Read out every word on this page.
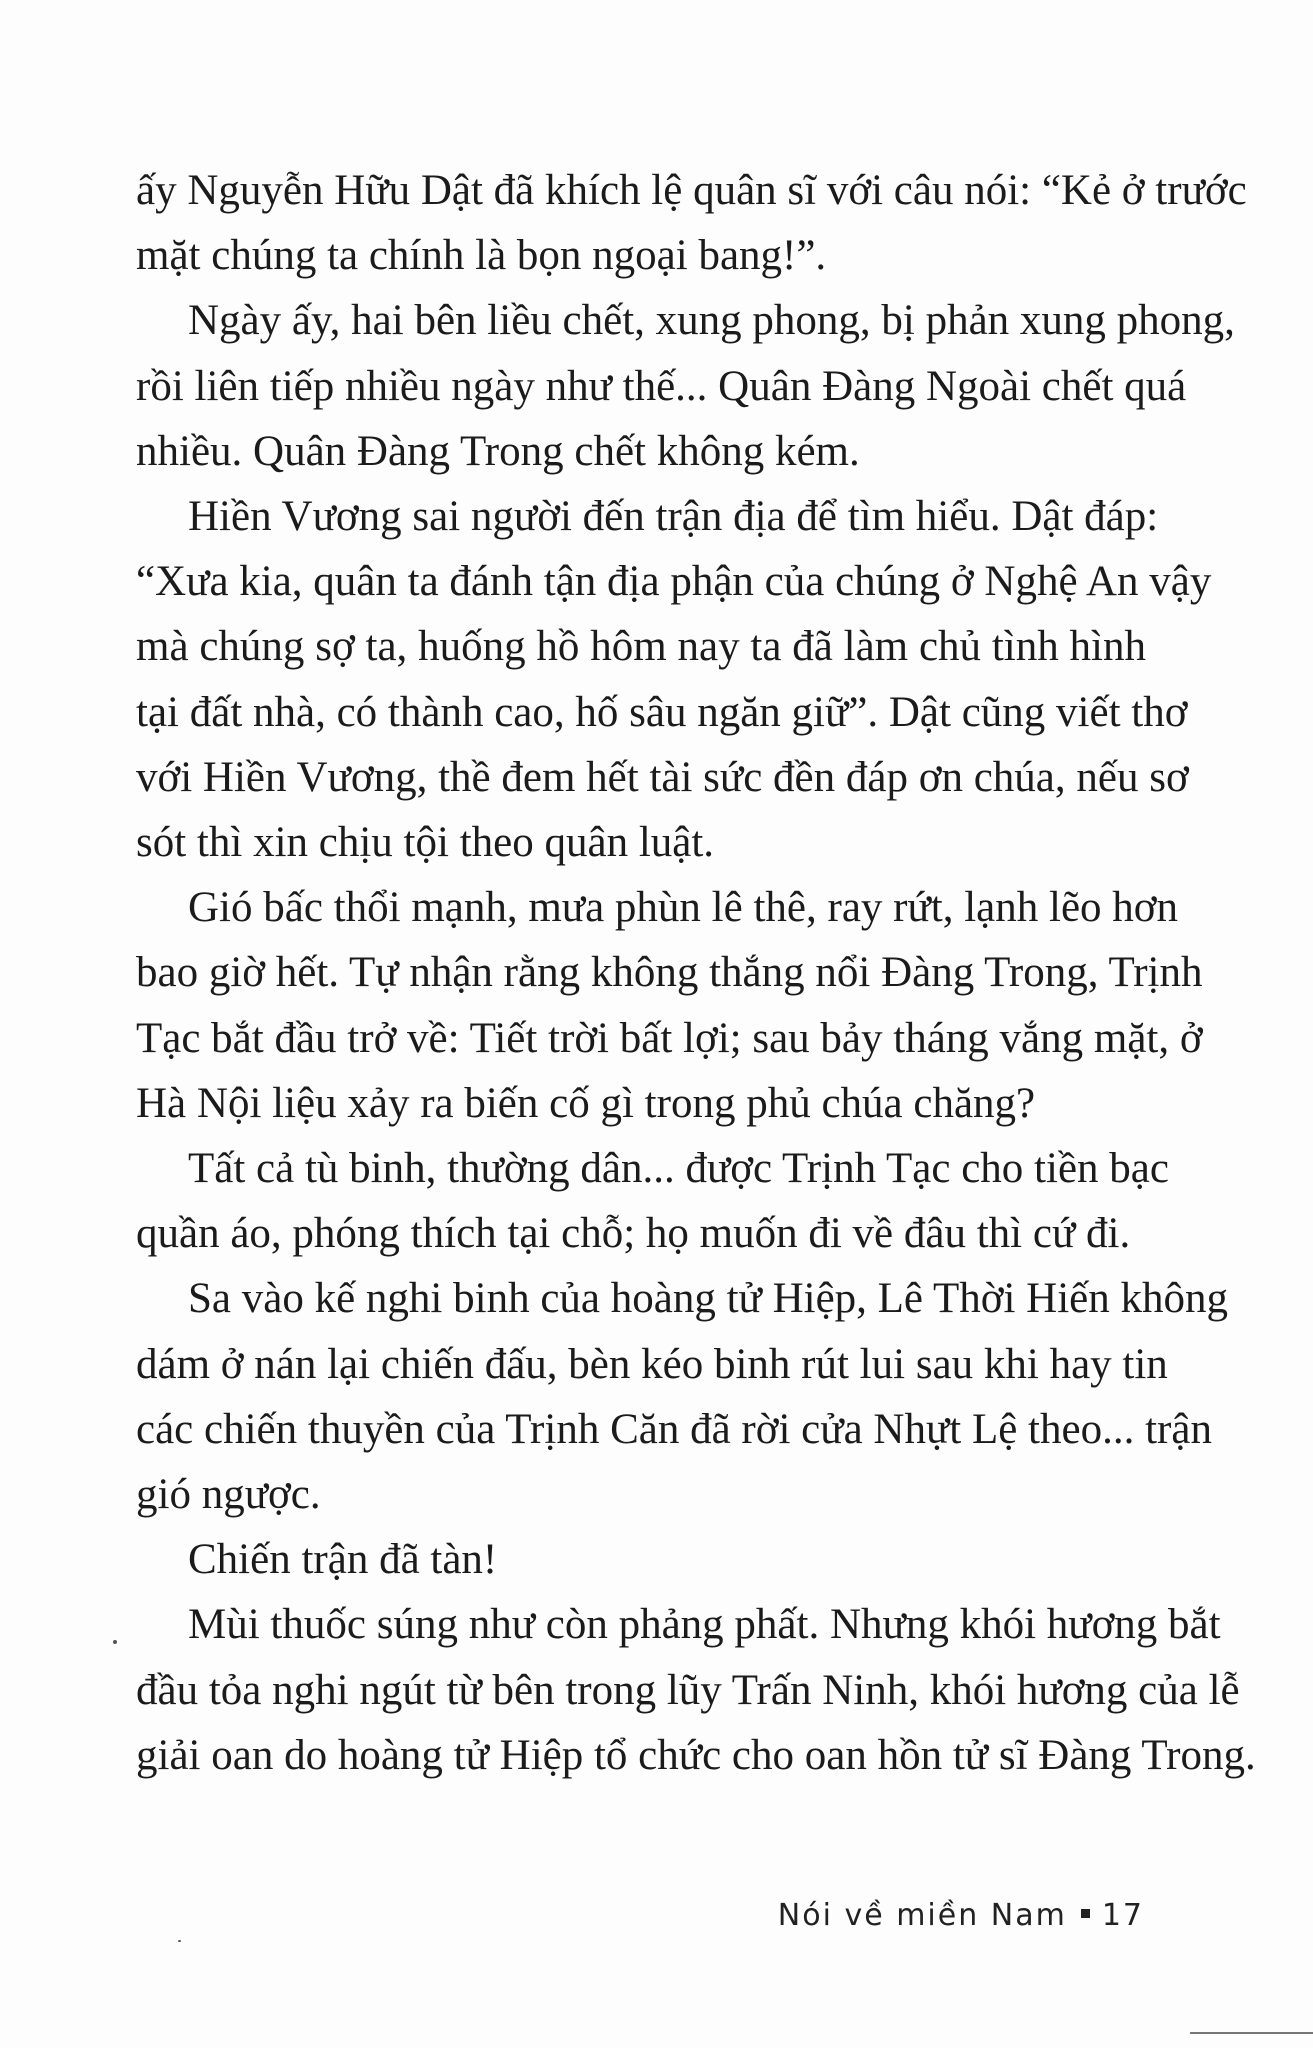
ấy Nguyễn Hữu Dật đã khích lệ quân sĩ với câu nói: “Kẻ ở trước
mặt chúng ta chính là bọn ngoại bang!”.

Ngày ấy, hai bên liều chết, xung phong, bị phản xung phong,
rồi liên tiếp nhiều ngày như thế... Quân Đàng Ngoài chết quá
nhiều. Quân Đàng Trong chết không kém.

Hiền Vương sai người đến trận địa để tìm hiểu. Dật đáp:
“Xưa kia, quân ta đánh tận địa phận của chúng ở Nghệ An vậy
mà chúng sợ ta, huống hồ hôm nay ta đã làm chủ tình hình
tại đất nhà, có thành cao, hố sâu ngăn giữ”. Dật cũng viết thơ
với Hiền Vương, thề đem hết tài sức đền đáp ơn chúa, nếu sơ
sót thì xin chịu tội theo quân luật.

Gió bấc thổi mạnh, mưa phùn lê thê, ray rứt, lạnh lẽo hơn
bao giờ hết. Tự nhận rằng không thắng nổi Đàng Trong, Trịnh
Tạc bắt đầu trở về: Tiết trời bất lợi; sau bảy tháng vắng mặt, ở
Hà Nội liệu xảy ra biến cố gì trong phủ chúa chăng?

Tất cả tù binh, thường dân... được Trịnh Tạc cho tiền bạc
quần áo, phóng thích tại chỗ; họ muốn đi về đâu thì cứ đi.

Sa vào kế nghi binh của hoàng tử Hiệp, Lê Thời Hiến không
dám ở nán lại chiến đấu, bèn kéo binh rút lui sau khi hay tin
các chiến thuyền của Trịnh Căn đã rời cửa Nhựt Lệ theo... trận
gió ngược.

Chiến trận đã tàn!

Mùi thuốc súng như còn phảng phất. Nhưng khói hương bắt
đầu tỏa nghi ngút từ bên trong lũy Trấn Ninh, khói hương của lễ
giải oan do hoàng tử Hiệp tổ chức cho oan hồn tử sĩ Đàng Trong.

Nói về miền Nam 17
